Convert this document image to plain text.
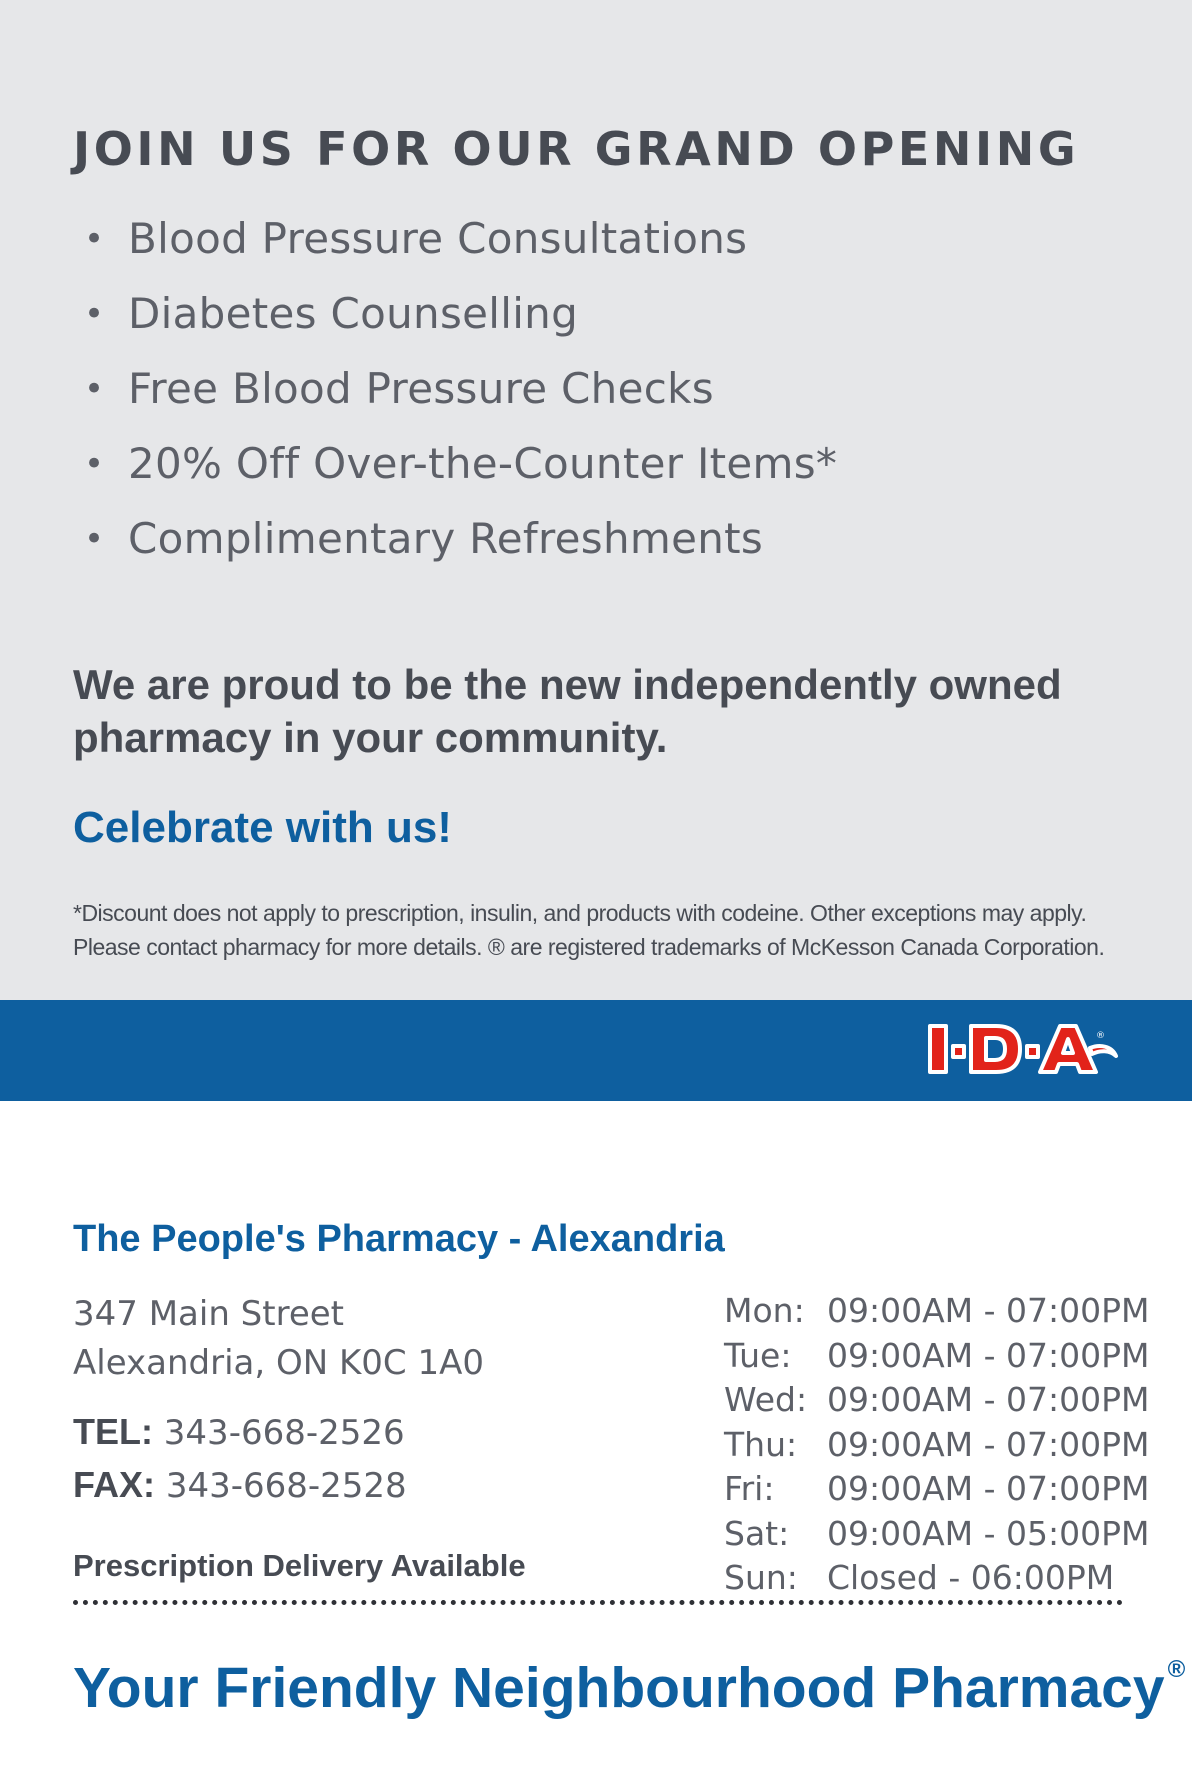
JOIN US FOR OUR GRAND OPENING
• Blood Pressure Consultations
• Diabetes Counselling
• Free Blood Pressure Checks
• 20% Off Over-the-Counter Items*
• Complimentary Refreshments
We are proud to be the new independently owned
pharmacy in your community.
Celebrate with us!
*Discount does not apply to prescription, insulin, and products with codeine. Other exceptions may apply.
Please contact pharmacy for more details. ® are registered trademarks of McKesson Canada Corporation.
®
The People's Pharmacy - Alexandria
347 Main Street
Alexandria, ON K0C 1A0
TEL: 343-668-2526
FAX: 343-668-2528
Prescription Delivery Available
Mon: 09:00AM - 07:00PM
Tue: 09:00AM - 07:00PM
Wed: 09:00AM - 07:00PM
Thu: 09:00AM - 07:00PM
Fri: 09:00AM - 07:00PM
Sat: 09:00AM - 05:00PM
Sun: Closed - 06:00PM
Your Friendly Neighbourhood Pharmacy ®
